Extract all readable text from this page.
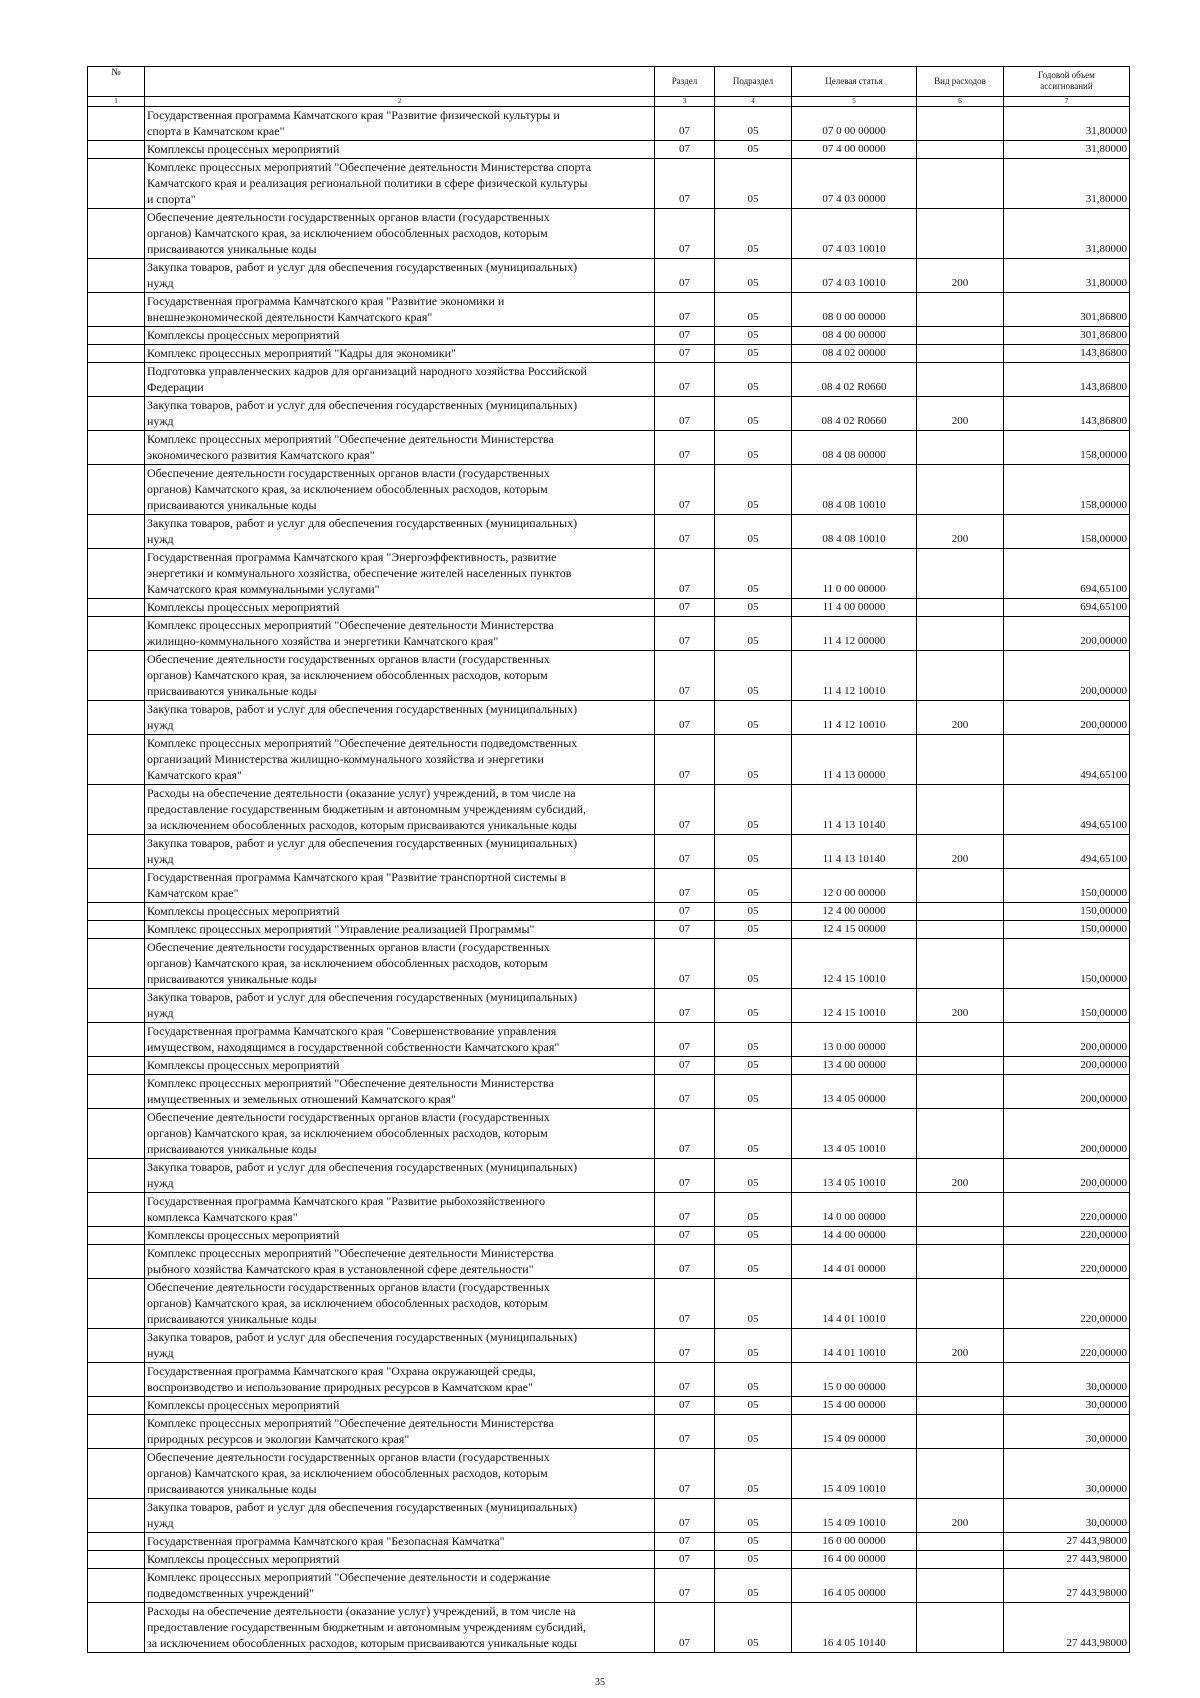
№		Раздел	Подраздел	Целевая статья	Вид расходов	Годовой объем
ассигнований

1	2	3	4	5	6	7

	Государственная программа Камчатского края "Развитие физической культуры и
спорта в Камчатском крае"	07	05	07 0 00 00000		31,80000

	Комплексы процессных мероприятий	07	05	07 4 00 00000		31,80000

	Комплекс процессных мероприятий "Обеспечение деятельности Министерства спорта
Камчатского края и реализация региональной политики в сфере физической культуры
и спорта"	07	05	07 4 03 00000		31,80000

	Обеспечение деятельности государственных органов власти (государственных
органов) Камчатского края, за исключением обособленных расходов, которым
присваиваются уникальные коды	07	05	07 4 03 10010		31,80000

	Закупка товаров, работ и услуг для обеспечения государственных (муниципальных)
нужд	07	05	07 4 03 10010	200	31,80000

	Государственная программа Камчатского края "Развитие экономики и
внешнеэкономической деятельности Камчатского края"	07	05	08 0 00 00000		301,86800

	Комплексы процессных мероприятий	07	05	08 4 00 00000		301,86800

	Комплекс процессных мероприятий "Кадры для экономики"	07	05	08 4 02 00000		143,86800

	Подготовка управленческих кадров для организаций народного хозяйства Российской
Федерации	07	05	08 4 02 R0660		143,86800

	Закупка товаров, работ и услуг для обеспечения государственных (муниципальных)
нужд	07	05	08 4 02 R0660	200	143,86800

	Комплекс процессных мероприятий "Обеспечение деятельности Министерства
экономического развития Камчатского края"	07	05	08 4 08 00000		158,00000

	Обеспечение деятельности государственных органов власти (государственных
органов) Камчатского края, за исключением обособленных расходов, которым
присваиваются уникальные коды	07	05	08 4 08 10010		158,00000

	Закупка товаров, работ и услуг для обеспечения государственных (муниципальных)
нужд	07	05	08 4 08 10010	200	158,00000

	Государственная программа Камчатского края "Энергоэффективность, развитие
энергетики и коммунального хозяйства, обеспечение жителей населенных пунктов
Камчатского края коммунальными услугами"	07	05	11 0 00 00000		694,65100

	Комплексы процессных мероприятий	07	05	11 4 00 00000		694,65100

	Комплекс процессных мероприятий "Обеспечение деятельности Министерства
жилищно-коммунального хозяйства и энергетики Камчатского края"	07	05	11 4 12 00000		200,00000

	Обеспечение деятельности государственных органов власти (государственных
органов) Камчатского края, за исключением обособленных расходов, которым
присваиваются уникальные коды	07	05	11 4 12 10010		200,00000

	Закупка товаров, работ и услуг для обеспечения государственных (муниципальных)
нужд	07	05	11 4 12 10010	200	200,00000

	Комплекс процессных мероприятий "Обеспечение деятельности подведомственных
организаций Министерства жилищно-коммунального хозяйства и энергетики
Камчатского края"	07	05	11 4 13 00000		494,65100

	Расходы на обеспечение деятельности (оказание услуг) учреждений, в том числе на
предоставление государственным бюджетным и автономным учреждениям субсидий,
за исключением обособленных расходов, которым присваиваются уникальные коды	07	05	11 4 13 10140		494,65100

	Закупка товаров, работ и услуг для обеспечения государственных (муниципальных)
нужд	07	05	11 4 13 10140	200	494,65100

	Государственная программа Камчатского края "Развитие транспортной системы в
Камчатском крае"	07	05	12 0 00 00000		150,00000

	Комплексы процессных мероприятий	07	05	12 4 00 00000		150,00000

	Комплекс процессных мероприятий "Управление реализацией Программы"	07	05	12 4 15 00000		150,00000

	Обеспечение деятельности государственных органов власти (государственных
органов) Камчатского края, за исключением обособленных расходов, которым
присваиваются уникальные коды	07	05	12 4 15 10010		150,00000

	Закупка товаров, работ и услуг для обеспечения государственных (муниципальных)
нужд	07	05	12 4 15 10010	200	150,00000

	Государственная программа Камчатского края "Совершенствование управления
имуществом, находящимся в государственной собственности Камчатского края"	07	05	13 0 00 00000		200,00000

	Комплексы процессных мероприятий	07	05	13 4 00 00000		200,00000

	Комплекс процессных мероприятий "Обеспечение деятельности Министерства
имущественных и земельных отношений Камчатского края"	07	05	13 4 05 00000		200,00000

	Обеспечение деятельности государственных органов власти (государственных
органов) Камчатского края, за исключением обособленных расходов, которым
присваиваются уникальные коды	07	05	13 4 05 10010		200,00000

	Закупка товаров, работ и услуг для обеспечения государственных (муниципальных)
нужд	07	05	13 4 05 10010	200	200,00000

	Государственная программа Камчатского края "Развитие рыбохозяйственного
комплекса Камчатского края"	07	05	14 0 00 00000		220,00000

	Комплексы процессных мероприятий	07	05	14 4 00 00000		220,00000

	Комплекс процессных мероприятий "Обеспечение деятельности Министерства
рыбного хозяйства Камчатского края в установленной сфере деятельности"	07	05	14 4 01 00000		220,00000

	Обеспечение деятельности государственных органов власти (государственных
органов) Камчатского края, за исключением обособленных расходов, которым
присваиваются уникальные коды	07	05	14 4 01 10010		220,00000

	Закупка товаров, работ и услуг для обеспечения государственных (муниципальных)
нужд	07	05	14 4 01 10010	200	220,00000

	Государственная программа Камчатского края "Охрана окружающей среды,
воспроизводство и использование природных ресурсов в Камчатском крае"	07	05	15 0 00 00000		30,00000

	Комплексы процессных мероприятий	07	05	15 4 00 00000		30,00000

	Комплекс процессных мероприятий "Обеспечение деятельности Министерства
природных ресурсов и экологии Камчатского края"	07	05	15 4 09 00000		30,00000

	Обеспечение деятельности государственных органов власти (государственных
органов) Камчатского края, за исключением обособленных расходов, которым
присваиваются уникальные коды	07	05	15 4 09 10010		30,00000

	Закупка товаров, работ и услуг для обеспечения государственных (муниципальных)
нужд	07	05	15 4 09 10010	200	30,00000

	Государственная программа Камчатского края "Безопасная Камчатка"	07	05	16 0 00 00000		27 443,98000

	Комплексы процессных мероприятий	07	05	16 4 00 00000		27 443,98000

	Комплекс процессных мероприятий "Обеспечение деятельности и содержание
подведомственных учреждений"	07	05	16 4 05 00000		27 443,98000

	Расходы на обеспечение деятельности (оказание услуг) учреждений, в том числе на
предоставление государственным бюджетным и автономным учреждениям субсидий,
за исключением обособленных расходов, которым присваиваются уникальные коды	07	05	16 4 05 10140		27 443,98000
35
